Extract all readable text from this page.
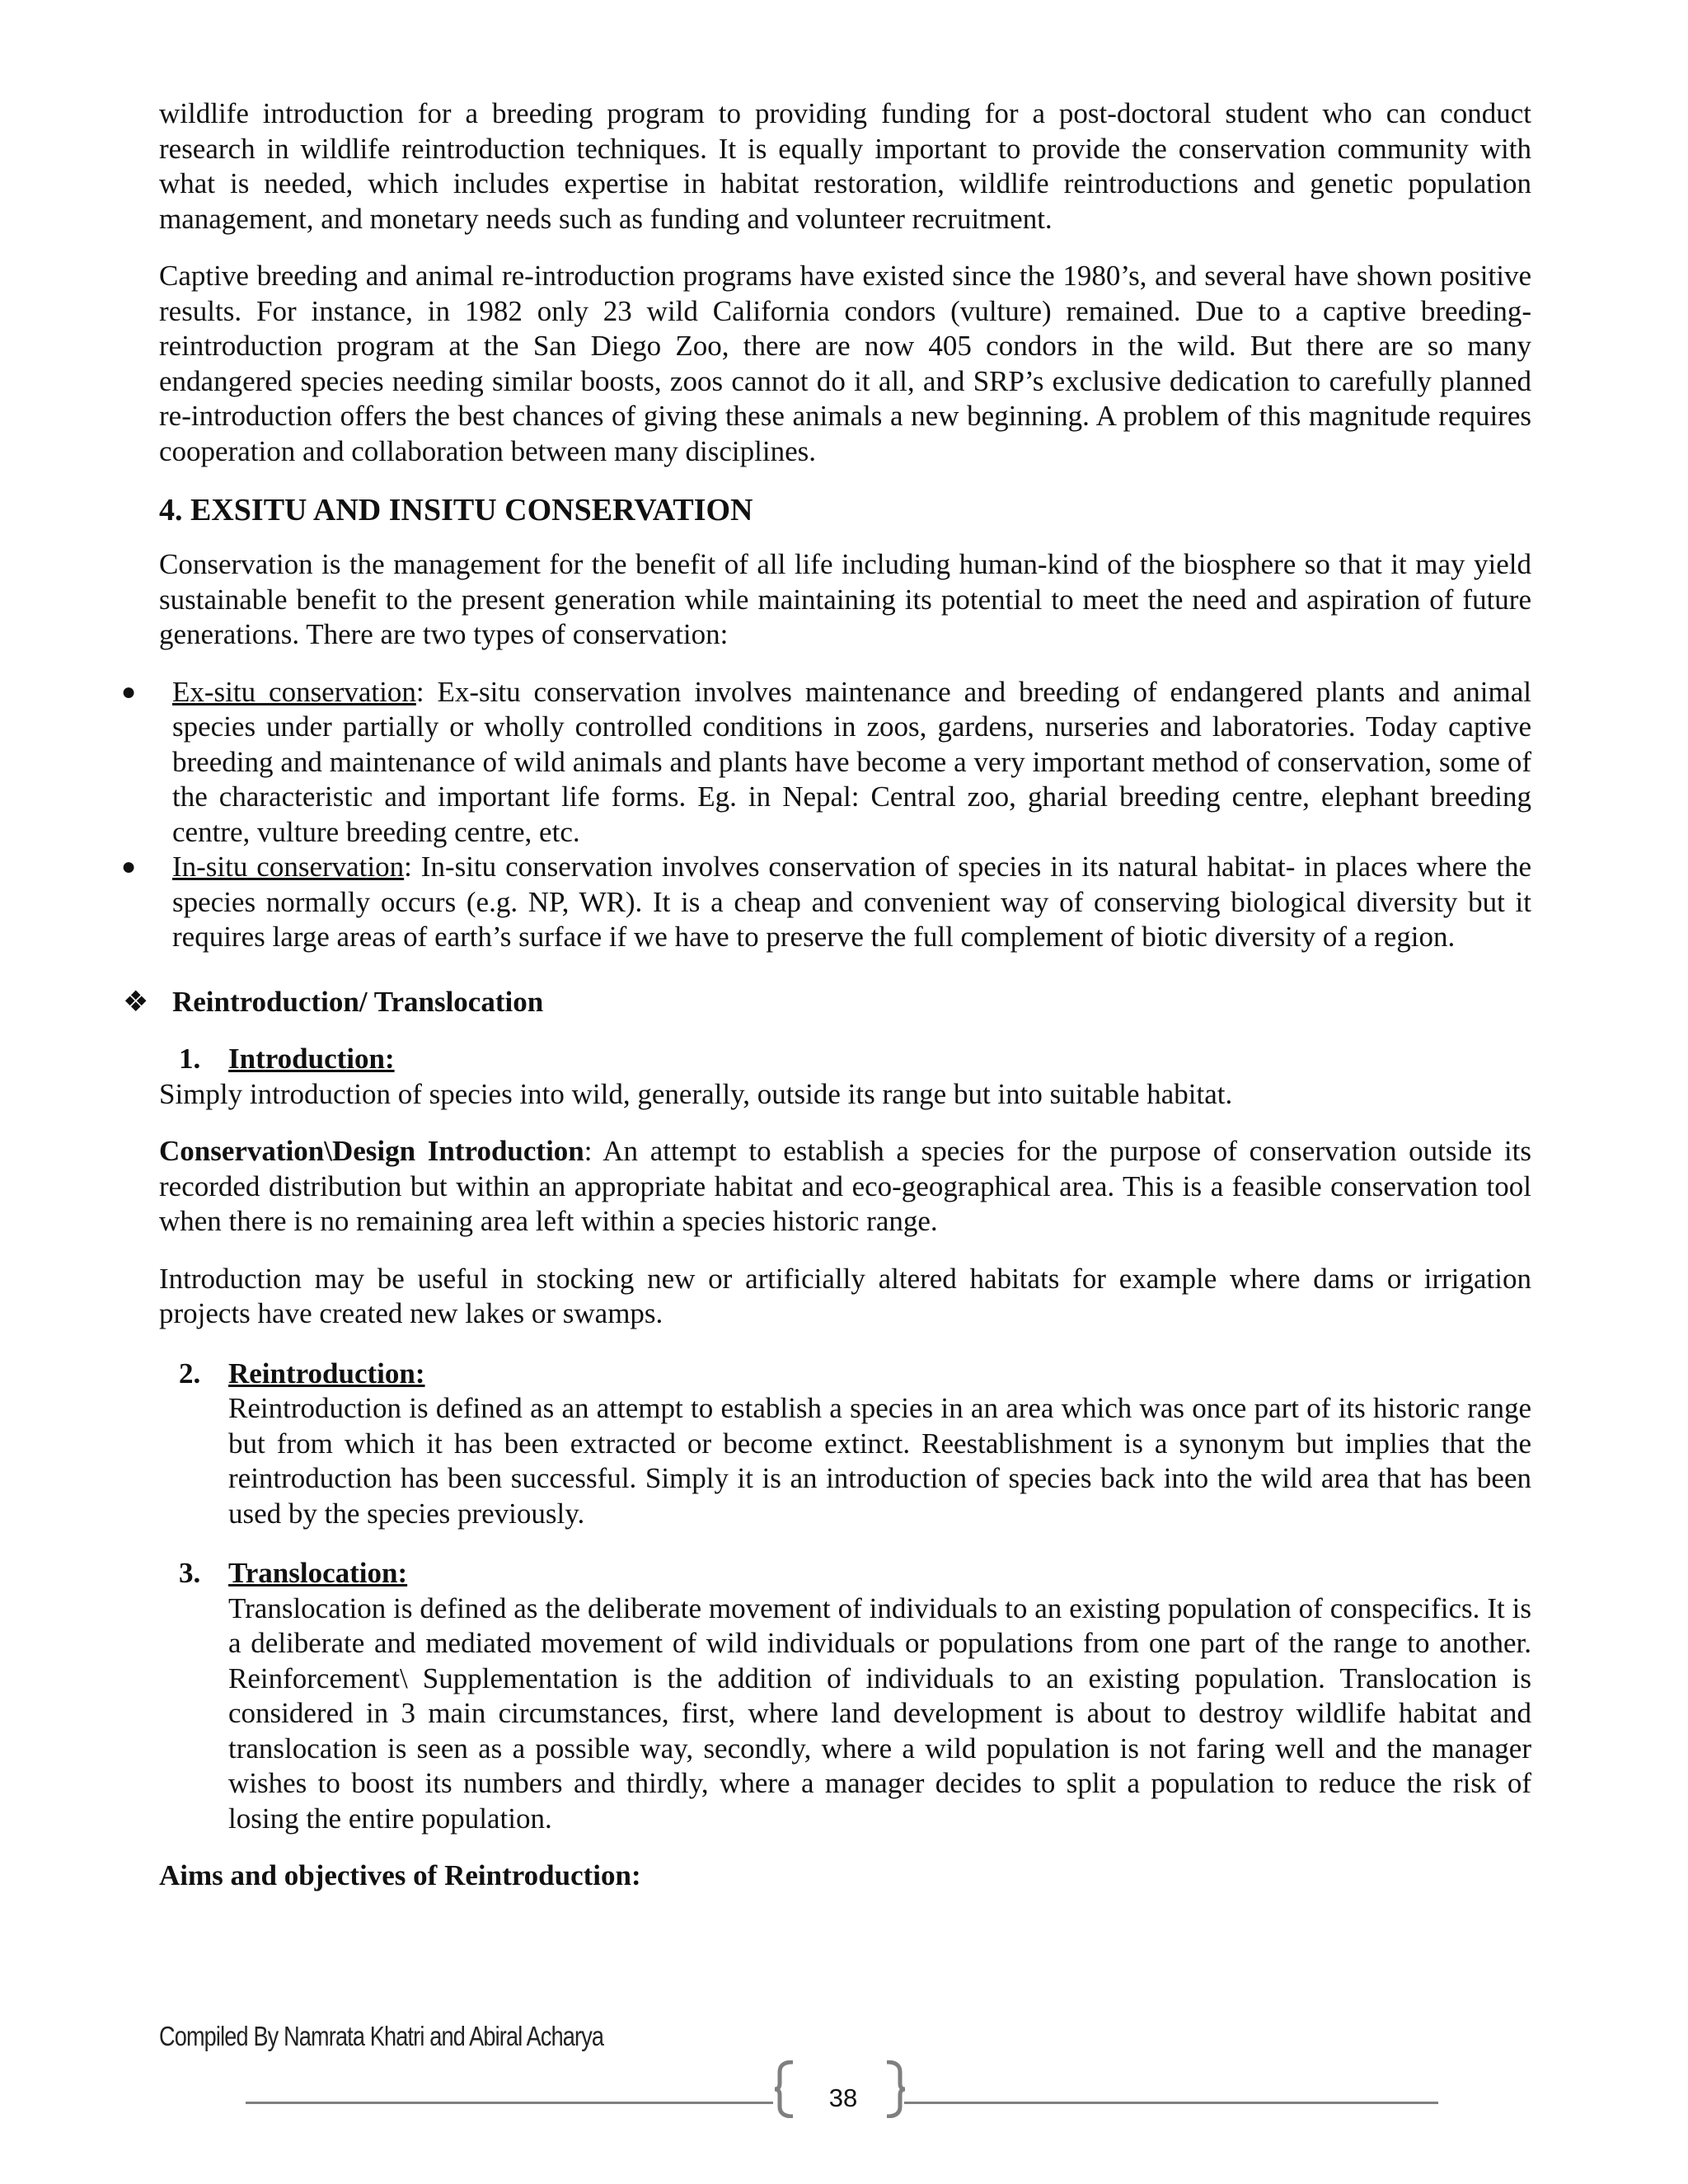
wildlife introduction for a breeding program to providing funding for a post-doctoral student who can conduct research in wildlife reintroduction techniques. It is equally important to provide the conservation community with what is needed, which includes expertise in habitat restoration, wildlife reintroductions and genetic population management, and monetary needs such as funding and volunteer recruitment.

Captive breeding and animal re-introduction programs have existed since the 1980’s, and several have shown positive results. For instance, in 1982 only 23 wild California condors (vulture) remained. Due to a captive breeding-reintroduction program at the San Diego Zoo, there are now 405 condors in the wild. But there are so many endangered species needing similar boosts, zoos cannot do it all, and SRP’s exclusive dedication to carefully planned re-introduction offers the best chances of giving these animals a new beginning. A problem of this magnitude requires cooperation and collaboration between many disciplines.

4. EXSITU AND INSITU CONSERVATION

Conservation is the management for the benefit of all life including human-kind of the biosphere so that it may yield sustainable benefit to the present generation while maintaining its potential to meet the need and aspiration of future generations. There are two types of conservation:

● Ex-situ conservation: Ex-situ conservation involves maintenance and breeding of endangered plants and animal species under partially or wholly controlled conditions in zoos, gardens, nurseries and laboratories. Today captive breeding and maintenance of wild animals and plants have become a very important method of conservation, some of the characteristic and important life forms. Eg. in Nepal: Central zoo, gharial breeding centre, elephant breeding centre, vulture breeding centre, etc.
● In-situ conservation: In-situ conservation involves conservation of species in its natural habitat- in places where the species normally occurs (e.g. NP, WR). It is a cheap and convenient way of conserving biological diversity but it requires large areas of earth’s surface if we have to preserve the full complement of biotic diversity of a region.
❖ Reintroduction/ Translocation
1. Introduction:

Simply introduction of species into wild, generally, outside its range but into suitable habitat.

Conservation\Design Introduction: An attempt to establish a species for the purpose of conservation outside its recorded distribution but within an appropriate habitat and eco-geographical area. This is a feasible conservation tool when there is no remaining area left within a species historic range.

Introduction may be useful in stocking new or artificially altered habitats for example where dams or irrigation projects have created new lakes or swamps.

2. Reintroduction:

Reintroduction is defined as an attempt to establish a species in an area which was once part of its historic range but from which it has been extracted or become extinct. Reestablishment is a synonym but implies that the reintroduction has been successful. Simply it is an introduction of species back into the wild area that has been used by the species previously.

3. Translocation:

Translocation is defined as the deliberate movement of individuals to an existing population of conspecifics. It is a deliberate and mediated movement of wild individuals or populations from one part of the range to another. Reinforcement\ Supplementation is the addition of individuals to an existing population. Translocation is considered in 3 main circumstances, first, where land development is about to destroy wildlife habitat and translocation is seen as a possible way, secondly, where a wild population is not faring well and the manager wishes to boost its numbers and thirdly, where a manager decides to split a population to reduce the risk of losing the entire population.

Aims and objectives of Reintroduction:

Compiled By Namrata Khatri and Abiral Acharya
38
